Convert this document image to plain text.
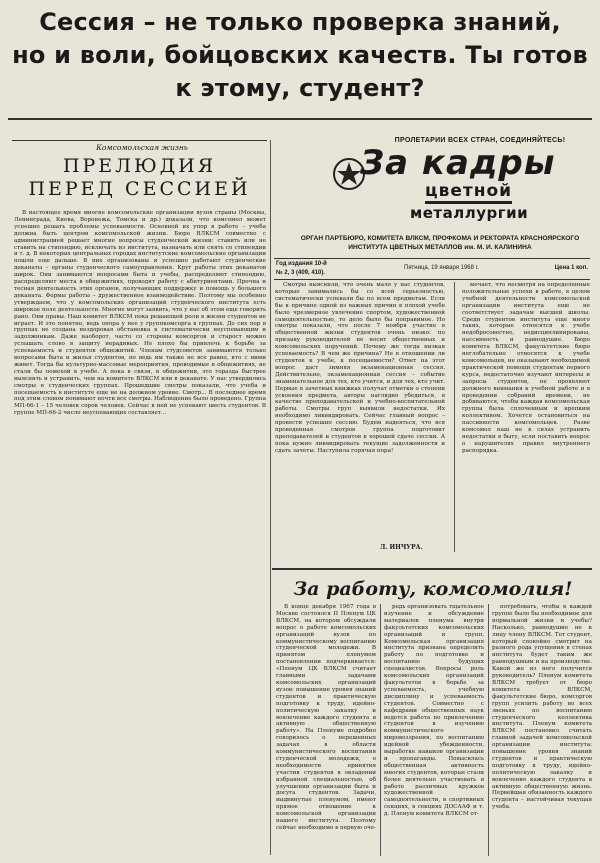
Сессия – не только проверка знаний,
но и воли, бойцовских качеств. Ты готов
к этому, студент?
ПРОЛЕТАРИИ ВСЕХ СТРАН, СОЕДИНЯЙТЕСЬ!
За кадры
цветной
металлургии
ОРГАН ПАРТБЮРО, КОМИТЕТА ВЛКСМ, ПРОФКОМА И РЕКТОРАТА КРАСНОЯРСКОГО ИНСТИТУТА ЦВЕТНЫХ МЕТАЛЛОВ им. М. И. КАЛИНИНА
Год издания 10-й
№ 2, 3 (409, 410).
Пятница, 19 января 1968 г.	Цена 1 коп.
Комсомольская жизнь
ПРЕЛЮДИЯ
ПЕРЕД СЕССИЕЙ

В настоящее время многие комсомольские организации вузов страны (Москвы, Ленинграда, Киева, Воронежа, Томска и др.) доказали, что комсомол может успешно решать проблемы успеваемости. Основной их упор в работе – учеба должна быть центром комсомольской жизни. Бюро ВЛКСМ совместно с администрацией решает многие вопросы студенческой жизни: ставить или не ставить на стипендию, исключать из института, назначать или снять со стипендии и т. д. В некоторых центральных городах институтские комсомольские организации пошли еще дальше. В них организованы и успешно работают студенческие деканаты – органы студенческого самоуправления. Круг работы этих деканатов широк. Они занимаются вопросами быта и учебы, распределяют стипендию, распределяют места в общежитиях, проводят работу с абитуриентами. Прочна и тесная деятельность этих органов, получающих поддержку и помощь у большого деканата. Формы работы – дружественное взаимодействие. Поэтому мы особенно утверждаем, что у комсомольских организаций студенческого института есть широкое поле деятельности. Многие могут заявить, что у нас об этом еще говорить рано. Они правы. Наш комитет ВЛКСМ пока решающей роли в жизни студентов не играет. И это понятно, ведь опора у нее у группкомсорга в группах. До сих пор в группах не создана нездоровая обстановка к систематически неуспевающим и задолжникам. Даже наоборот, часто со стороны комсоргов и старост можно услышать слово в защиту нерадивых. Не плохо бы привлечь к борьбе за успеваемость и студентов общежитий. Членам студсоветов занимаются только вопросами быта и жилья студентов, но ведь им также не все равно, кто с ними живет. Тогда бы культурно-массовые мероприятия, проводимые в общежитиях, не стали бы помехой в учебе. А пока в связи, в общежитии, это горазда быстрее выяснить и устранить, чем на комитете ВЛКСМ или в деканате. У нас утвердились смотры в студенческих группах. Прошедшие смотры показали, что учеба и посещаемость в институте еще не на должном уровне. Смотр... В последнее время под этим словом понимают почти все смотры. Наблюдение было проведено. Группа МП-66-1 – 15 человек сорок человек. Сейчас в ней не успевают шесть студентов. В группе МП-66-2 число неуспевающих составляет...

Смотры выяснили, что очень мало у нас студентов, которые занимались бы со всей серьезностью, систематически успевали бы по всем предметам. Если бы к причине одной из важных причин в плохой учебе было чрезмерное увлечение спортом, художественной самодеятельностью, то дело было бы поправимое. Но смотры показали, что после 7 ноября участие в общественной жизни студентов очень низко: по призыву руководителей не носит общественных и комсомольских поручений. Почему же тогда низкая успеваемость? В чем же причина? Не в отношении ли студентов к учебе, к посещаемости? Ответ на этот вопрос даст зимняя экзаменационная сессия. Действительно, экзаменационная сессия – событие знаменательное для тех, кто учится, и для тех, кто учит. Первые в зачетных книжках получат отметки о степени усвоения предмета, авторы наглядно убедиться, в качестве преподавательской и учебно-воспитательной работы. Смотры груп выявили недостатки. Их необходимо ликвидировать. Сейчас главный вопрос – провести успешно сессию. Будем надеяться, что вся проведенная смотров группа подготовит преподавателей и студентов к хорошей сдаче сессии. А пока нужно ликвидировать текущие задолженности и сдать зачеты. Наступила горячая пора!

Л. ИНЧУРА.

мечает, что несмотря на определенные положительные успехи в работе, в целом учебной деятельности комсомольской организации института еще не соответствует задачам высшей школы. Среди студентов института еще много таких, которые относятся к учебе недобросовестно, недисциплинированы, пассивность и равнодушие. Бюро комитета ВЛКСМ, факультетские бюро неглобательно относятся к учебе комсомольцев, не оказывают необходимой практической помощи студентам первого курса, недостаточно изучают интересы и запросы студентов, не проявляют должного внимания к учебной работе и в проведении собраний времени, не добиваются, чтобы каждая комсомольская группа была сплоченным и крепким коллективом. Хочется остановиться на пассивности комсомольцев. Разве комсомол наш не в силах устранить недостатки в быту, если поставить вопрос о нарушителях правил внутреннего распорядка.

За работу, комсомолия!

В конце декабря 1967 года в Москве состоялся II Пленум ЦК ВЛКСМ, на котором обсуждали вопрос о работе комсомольских организаций вузов по коммунистическому воспитанию студенческой молодежи. В принятом пленумом постановлении подчеркивается: «Пленум ЦК ВЛКСМ считает главными задачами комсомольских организаций вузов: повышение уровня знаний студентов и практическую подготовку к труду, идейно-политическую закалку и вовлечение каждого студента в активную общественную работу». На Пленуме подробно говорилось о нерешенных задачах в области коммунистического воспитания студенческой молодежи, о необходимости принятия участия студентов в овладении избранной специальностью, об улучшении организации быта и досуга студентов. Задачи, выдвинутые пленумом, имеют прямое отношение к комсомольской организации нашего института. Поэтому сейчас необходимо в первую оче-

редь организовать тщательное изучение и обсуждение материалов пленума внутри факультетских комсомольских организаций и групп. Комсомольская организация института призвана определить работу по подготовке и воспитанию будущих специалистов. Вопросы роль комсомольских организаций факультетов в борьбе за успеваемость, учебную дисциплину и успеваемость студентов. Совместно с кафедрами общественных наук ведется работа по привлечению студентов к изучению коммунистического мировоззрения, по воспитанию идейной убежденности, выработке навыков организации и пропаганды. Повысилась общественная активность многих студентов, которые стали более деятельно участвовать в работе различных кружков художественной самодеятельности, в спортивных секциях, в секциях ДОСААФ и т. д. Пленум комитета ВЛКСМ от-

потребовать, чтобы в каждой группе было бы необходимое для нормальной жизни и учебы? Насколько, равнодушие не к лицу члену ВЛКСМ. Тот студент, который спокойно смотрит на разного рода упущения в стенах института будет таким же равнодушным и на производстве. Какой же из него получится руководитель? Пленум комитета ВЛКСМ требует от бюро комитета ВЛКСМ, факультетские бюро, комсоргов групп усилить работу во всех звеньях по воспитанию студенческого коллектива института. Пленум комитета ВЛКСМ постановил считать главной задачей комсомольской организации института: повышение уровня знаний студентов и практическую подготовку к труду, идейно-политическую закалку и вовлечение каждого студента в активную общественную жизнь. Первейшая обязанность каждого студента – настойчивая текущая учеба.
